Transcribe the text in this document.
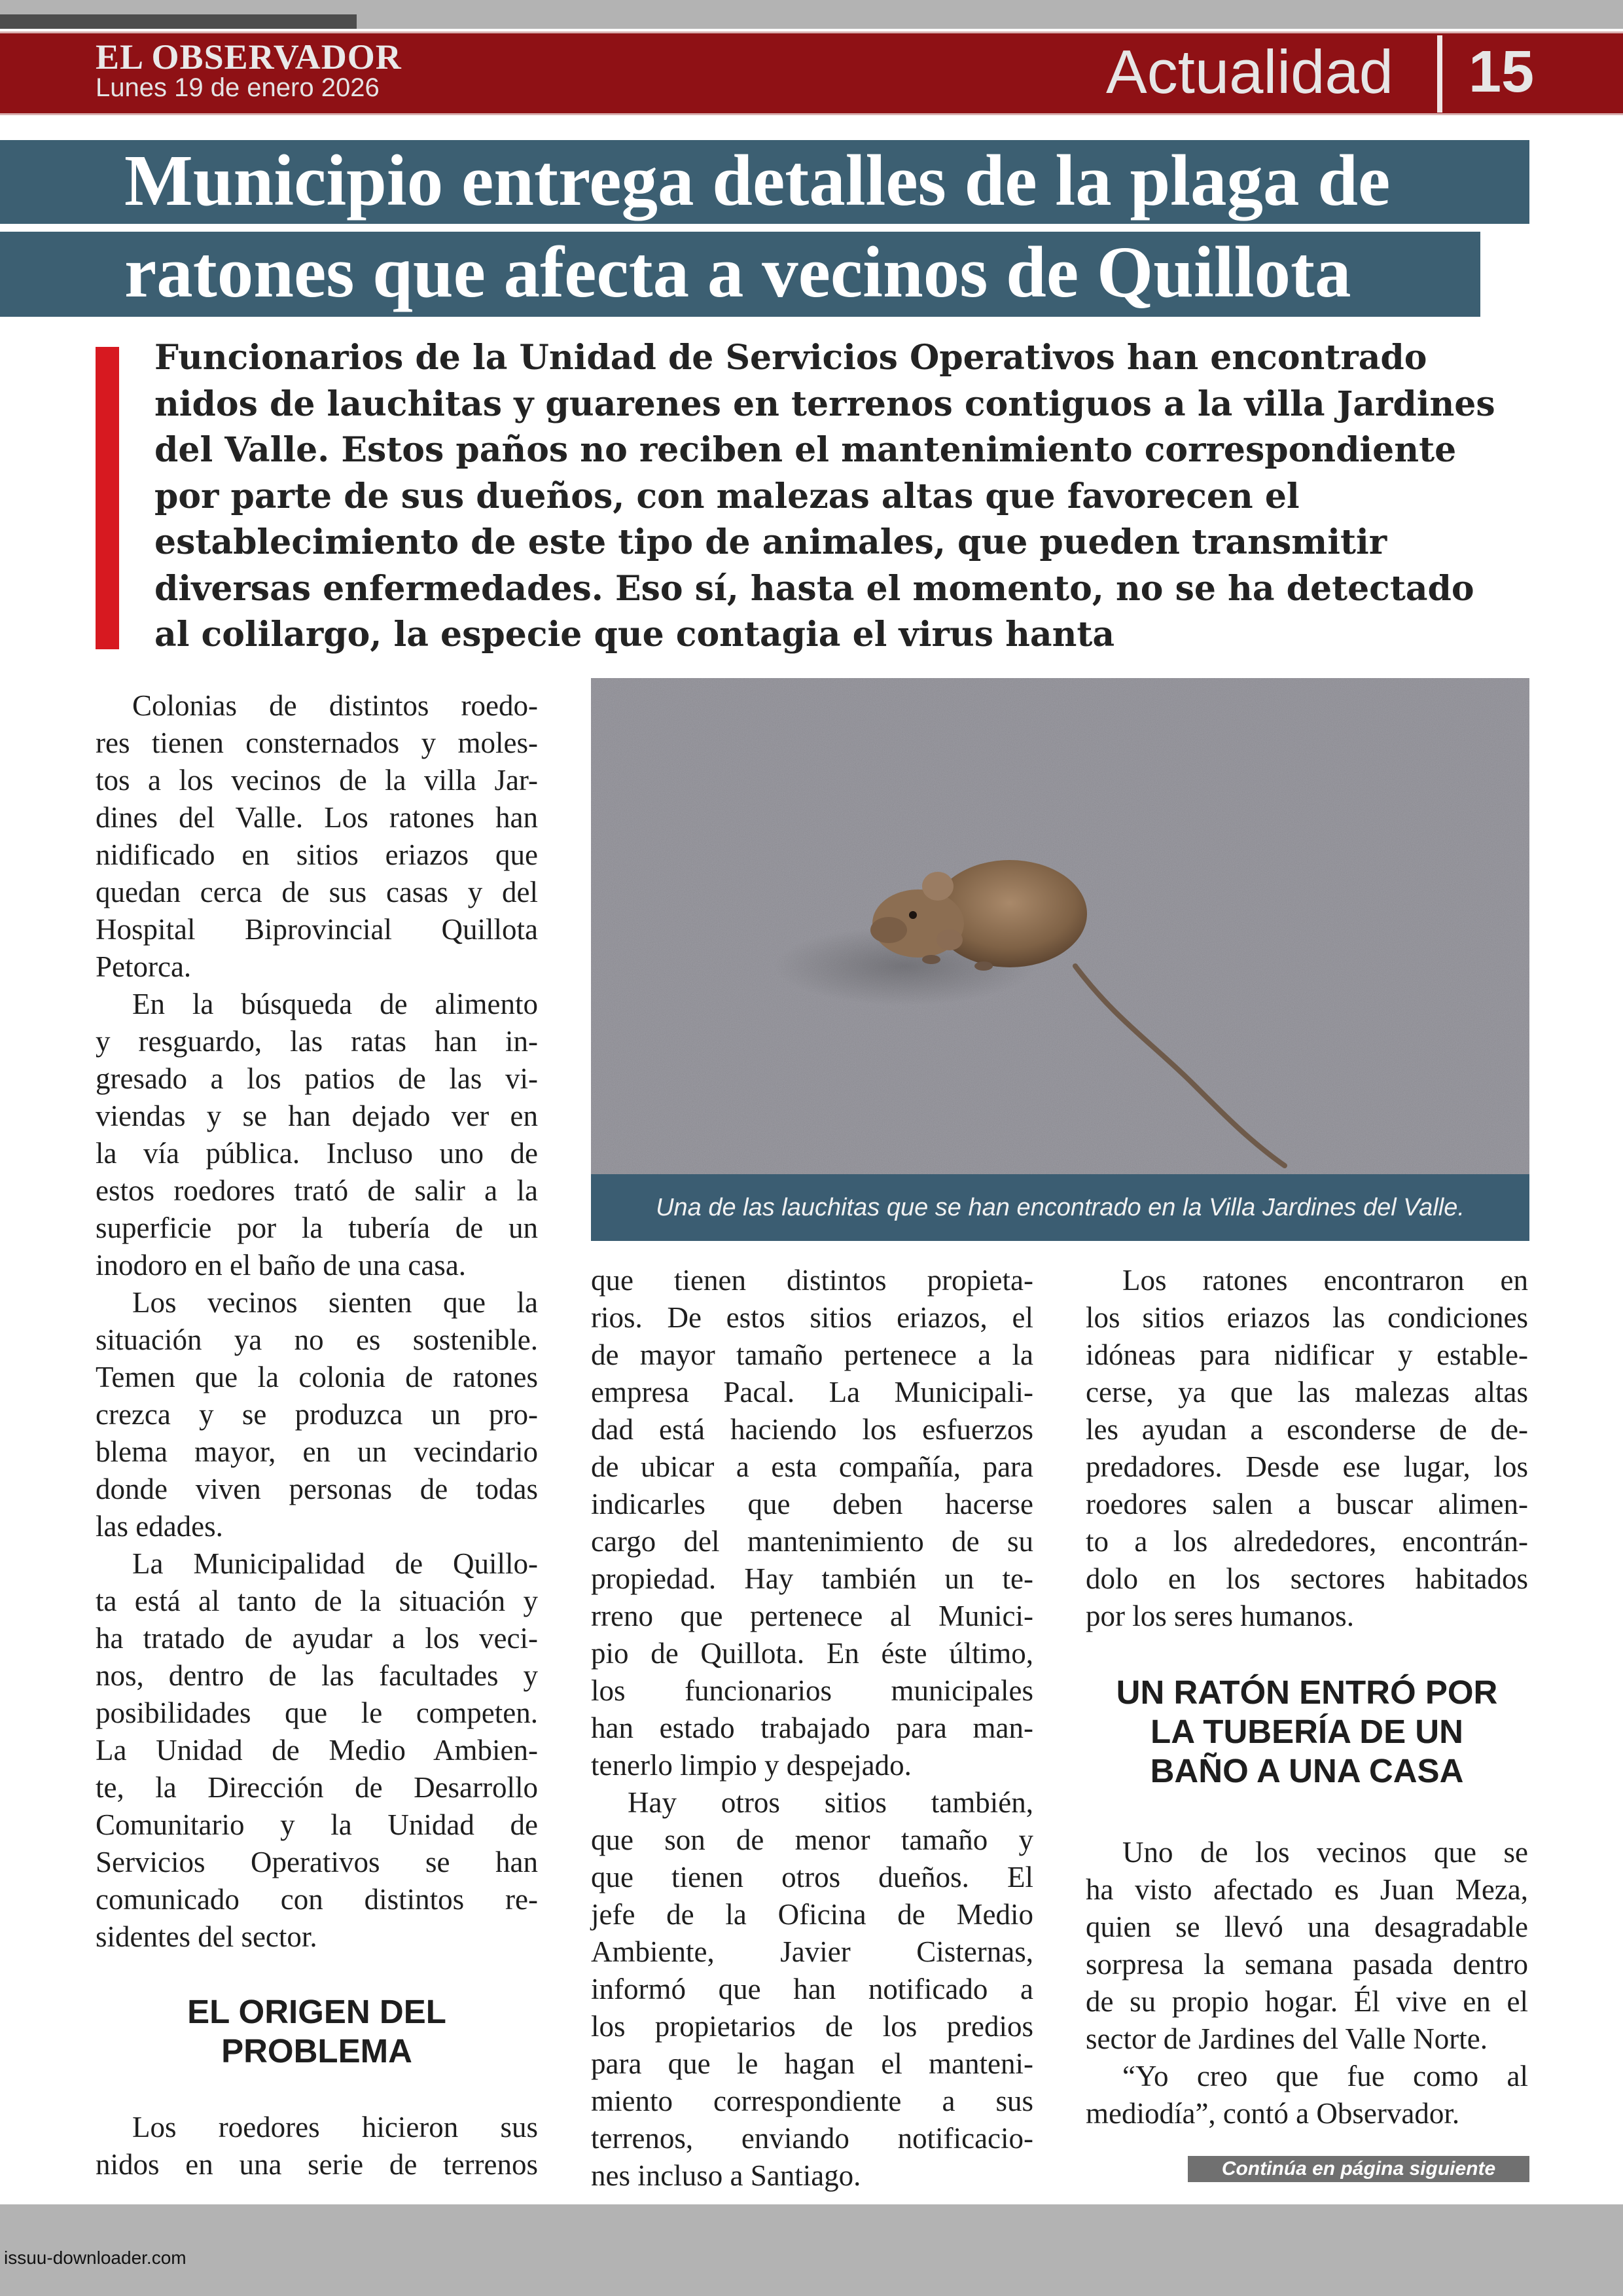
EL OBSERVADOR
Lunes 19 de enero 2026	Actualidad 15
Municipio entrega detalles de la plaga de
ratones que afecta a vecinos de Quillota
Funcionarios de la Unidad de Servicios Operativos han encontrado
nidos de lauchitas y guarenes en terrenos contiguos a la villa Jardines
del Valle. Estos paños no reciben el mantenimiento correspondiente
por parte de sus dueños, con malezas altas que favorecen el
establecimiento de este tipo de animales, que pueden transmitir
diversas enfermedades. Eso sí, hasta el momento, no se ha detectado
al colilargo, la especie que contagia el virus hanta
Una de las lauchitas que se han encontrado en la Villa Jardines del Valle.
Colonias de distintos roedo-
res tienen consternados y moles-
tos a los vecinos de la villa Jar-
dines del Valle. Los ratones han
nidificado en sitios eriazos que
quedan cerca de sus casas y del
Hospital Biprovincial Quillota
Petorca.
En la búsqueda de alimento
y resguardo, las ratas han in-
gresado a los patios de las vi-
viendas y se han dejado ver en
la vía pública. Incluso uno de
estos roedores trató de salir a la
superficie por la tubería de un
inodoro en el baño de una casa.
Los vecinos sienten que la
situación ya no es sostenible.
Temen que la colonia de ratones
crezca y se produzca un pro-
blema mayor, en un vecindario
donde viven personas de todas
las edades.
La Municipalidad de Quillo-
ta está al tanto de la situación y
ha tratado de ayudar a los veci-
nos, dentro de las facultades y
posibilidades que le competen.
La Unidad de Medio Ambien-
te, la Dirección de Desarrollo
Comunitario y la Unidad de
Servicios Operativos se han
comunicado con distintos re-
sidentes del sector.
EL ORIGEN DEL
PROBLEMA
Los roedores hicieron sus
nidos en una serie de terrenos
que tienen distintos propieta-
rios. De estos sitios eriazos, el
de mayor tamaño pertenece a la
empresa Pacal. La Municipali-
dad está haciendo los esfuerzos
de ubicar a esta compañía, para
indicarles que deben hacerse
cargo del mantenimiento de su
propiedad. Hay también un te-
rreno que pertenece al Munici-
pio de Quillota. En éste último,
los funcionarios municipales
han estado trabajado para man-
tenerlo limpio y despejado.
Hay otros sitios también,
que son de menor tamaño y
que tienen otros dueños. El
jefe de la Oficina de Medio
Ambiente, Javier Cisternas,
informó que han notificado a
los propietarios de los predios
para que le hagan el manteni-
miento correspondiente a sus
terrenos, enviando notificacio-
nes incluso a Santiago.
Los ratones encontraron en
los sitios eriazos las condiciones
idóneas para nidificar y estable-
cerse, ya que las malezas altas
les ayudan a esconderse de de-
predadores. Desde ese lugar, los
roedores salen a buscar alimen-
to a los alrededores, encontrán-
dolo en los sectores habitados
por los seres humanos.
UN RATÓN ENTRÓ POR
LA TUBERÍA DE UN
BAÑO A UNA CASA
Uno de los vecinos que se
ha visto afectado es Juan Meza,
quien se llevó una desagradable
sorpresa la semana pasada dentro
de su propio hogar. Él vive en el
sector de Jardines del Valle Norte.
“Yo creo que fue como al
mediodía”, contó a Observador.
Continúa en página siguiente
issuu-downloader.com
